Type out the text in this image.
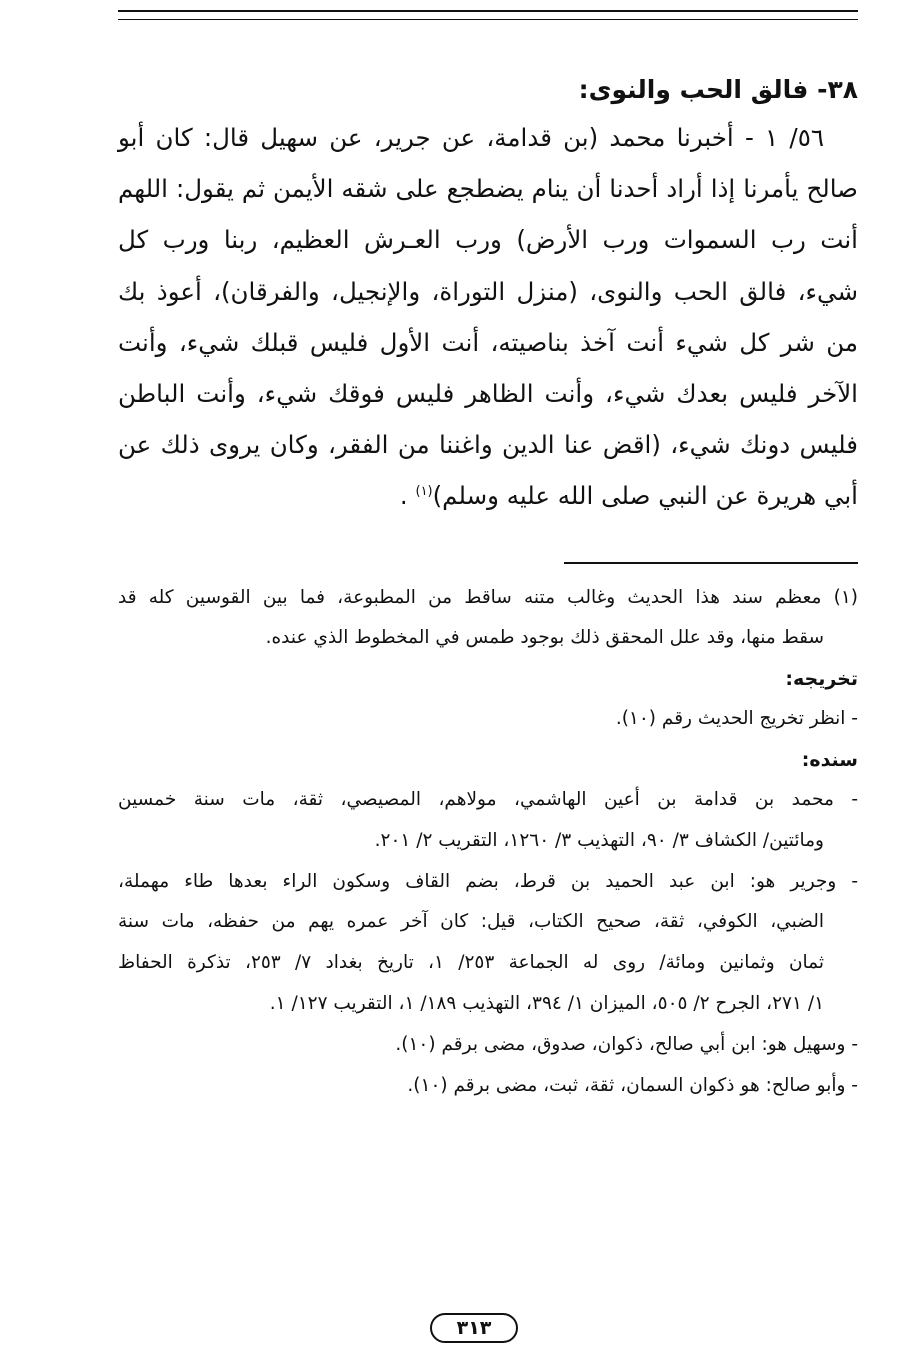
٣٨- فالق الحب والنوى:

٥٦/ ١ - أخبرنا محمد (بن قدامة، عن جرير، عن سهيل قال: كان أبو
صالح يأمرنا إذا أراد أحدنا أن ينام يضطجع على شقه الأيمن ثم يقول: اللهم
أنت رب السموات ورب الأرض) ورب العـرش العظيم، ربنا ورب كل
شيء، فالق الحب والنوى، (منزل التوراة، والإنجيل، والفرقان)، أعوذ بك
من شر كل شيء أنت آخذ بناصيته، أنت الأول فليس قبلك شيء، وأنت
الآخر فليس بعدك شيء، وأنت الظاهر فليس فوقك شيء، وأنت الباطن
فليس دونك شيء، (اقض عنا الدين واغننا من الفقر، وكان يروى ذلك عن
أبي هريرة عن النبي صلى الله عليه وسلم)$^{(١)}$ .

(١) معظم سند هذا الحديث وغالب متنه ساقط من المطبوعة، فما بين القوسين كله قد
سقط منها، وقد علل المحقق ذلك بوجود طمس في المخطوط الذي عنده.
تخريجه:
- انظر تخريج الحديث رقم (١٠).
سنده:
- محمد بن قدامة بن أعين الهاشمي، مولاهم، المصيصي، ثقة، مات سنة خمسين
ومائتين/ الكشاف ٣/ ٩٠، التهذيب ٣/ ١٢٦٠، التقريب ٢/ ٢٠١.
- وجرير هو: ابن عبد الحميد بن قرط، بضم القاف وسكون الراء بعدها طاء مهملة،
الضبي، الكوفي، ثقة، صحيح الكتاب، قيل: كان آخر عمره يهم من حفظه، مات سنة
ثمان وثمانين ومائة/ روى له الجماعة ٢٥٣/ ١، تاريخ بغداد ٧/ ٢٥٣، تذكرة الحفاظ
١/ ٢٧١، الجرح ٢/ ٥٠٥، الميزان ١/ ٣٩٤، التهذيب ١٨٩/ ١، التقريب ١٢٧/ ١.
- وسهيل هو: ابن أبي صالح، ذكوان، صدوق، مضى برقم (١٠).
- وأبو صالح: هو ذكوان السمان، ثقة، ثبت، مضى برقم (١٠).
٣١٣
